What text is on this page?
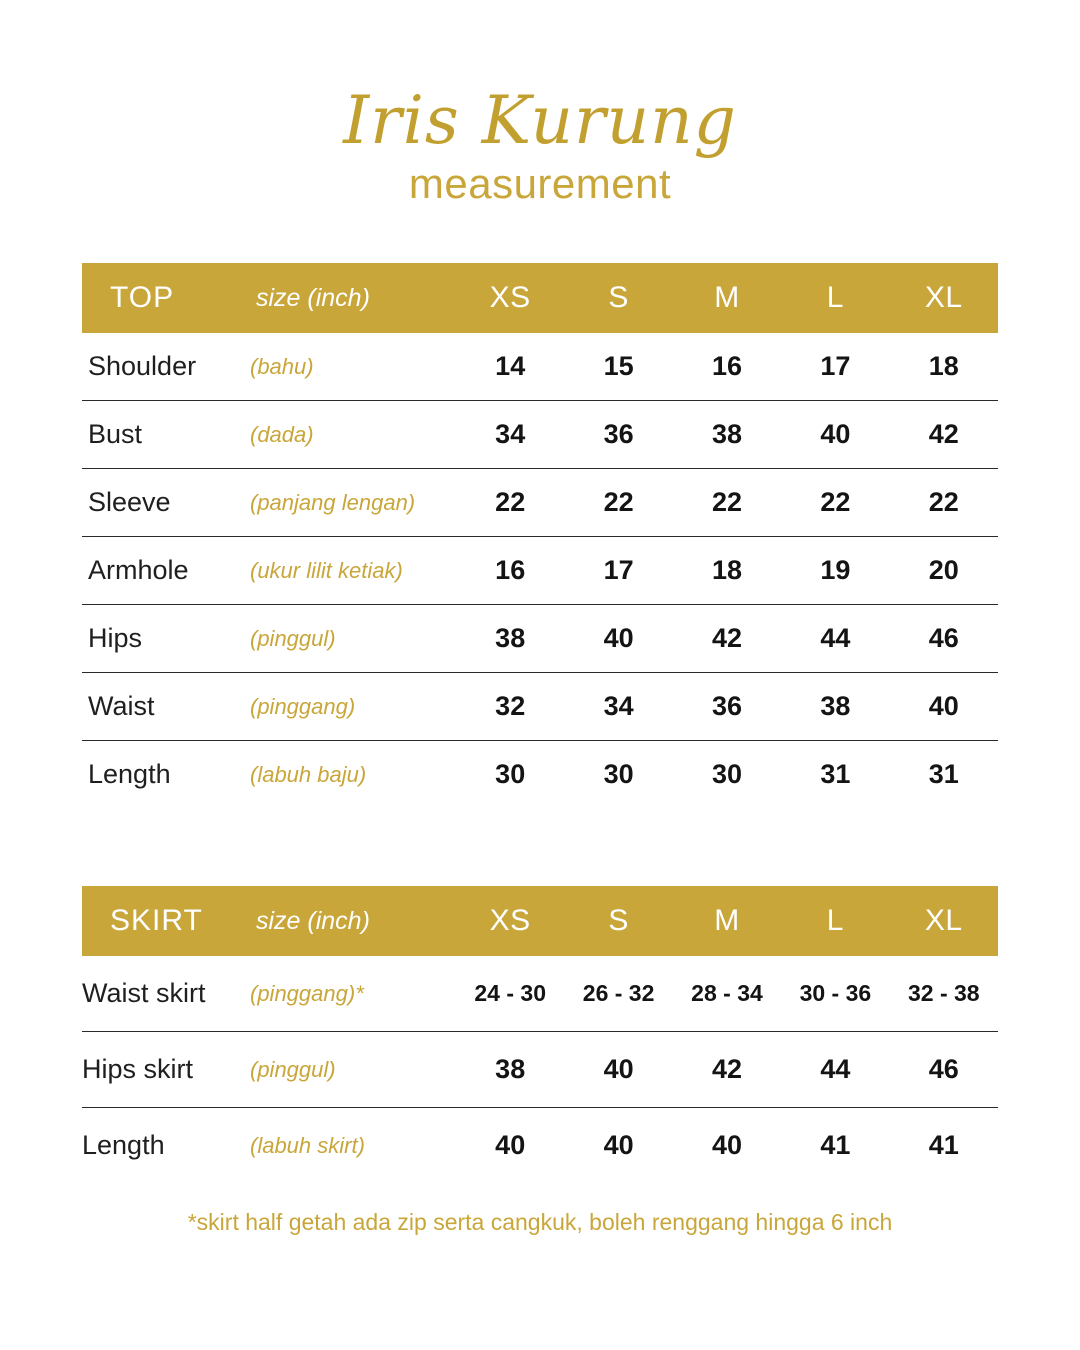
Iris Kurung
measurement
TOP	size (inch)	XS	S	M	L	XL
Shoulder	(bahu)	14	15	16	17	18
Bust	(dada)	34	36	38	40	42
Sleeve	(panjang lengan)	22	22	22	22	22
Armhole	(ukur lilit ketiak)	16	17	18	19	20
Hips	(pinggul)	38	40	42	44	46
Waist	(pinggang)	32	34	36	38	40
Length	(labuh baju)	30	30	30	31	31
SKIRT	size (inch)	XS	S	M	L	XL
Waist skirt	(pinggang)*	24 - 30	26 - 32	28 - 34	30 - 36	32 - 38
Hips skirt	(pinggul)	38	40	42	44	46
Length	(labuh skirt)	40	40	40	41	41
*skirt half getah ada zip serta cangkuk, boleh renggang hingga 6 inch
